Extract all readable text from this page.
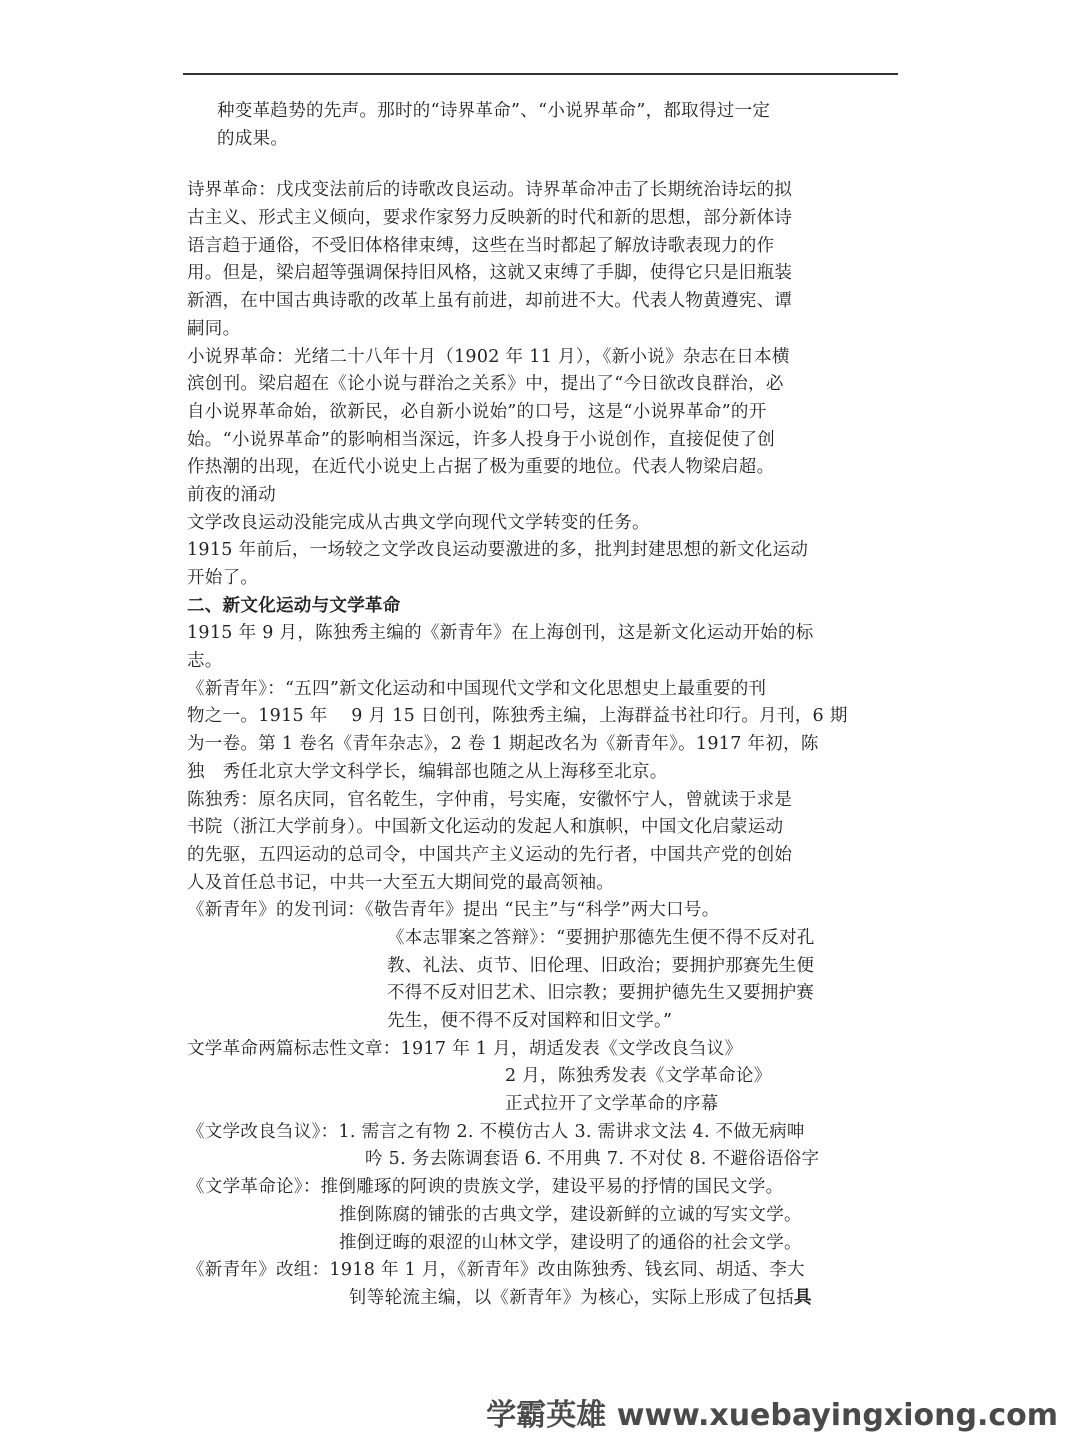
种变革趋势的先声。那时的“诗界革命”、“小说界革命”，都取得过一定
的成果。
诗界革命：戊戌变法前后的诗歌改良运动。诗界革命冲击了长期统治诗坛的拟
古主义、形式主义倾向，要求作家努力反映新的时代和新的思想，部分新体诗
语言趋于通俗，不受旧体格律束缚，这些在当时都起了解放诗歌表现力的作
用。但是，梁启超等强调保持旧风格，这就又束缚了手脚，使得它只是旧瓶装
新酒，在中国古典诗歌的改革上虽有前进，却前进不大。代表人物黄遵宪、谭
嗣同。
小说界革命：光绪二十八年十月（1902 年 11 月），《新小说》杂志在日本横
滨创刊。梁启超在《论小说与群治之关系》中，提出了“今日欲改良群治，必
自小说界革命始，欲新民，必自新小说始”的口号，这是“小说界革命”的开
始。“小说界革命”的影响相当深远，许多人投身于小说创作，直接促使了创
作热潮的出现，在近代小说史上占据了极为重要的地位。代表人物梁启超。
前夜的涌动
文学改良运动没能完成从古典文学向现代文学转变的任务。
1915 年前后，一场较之文学改良运动要激进的多，批判封建思想的新文化运动
开始了。
二、新文化运动与文学革命
1915 年 9 月，陈独秀主编的《新青年》在上海创刊，这是新文化运动开始的标
志。
《新青年》：“五四”新文化运动和中国现代文学和文化思想史上最重要的刊
物之一。1915 年　 9 月 15 日创刊，陈独秀主编，上海群益书社印行。月刊，6 期
为一卷。第 1 卷名《青年杂志》，2 卷 1 期起改名为《新青年》。1917 年初，陈
独　秀任北京大学文科学长，编辑部也随之从上海移至北京。
陈独秀：原名庆同，官名乾生，字仲甫，号实庵，安徽怀宁人，曾就读于求是
书院（浙江大学前身）。中国新文化运动的发起人和旗帜，中国文化启蒙运动
的先驱，五四运动的总司令，中国共产主义运动的先行者，中国共产党的创始
人及首任总书记，中共一大至五大期间党的最高领袖。
《新青年》的发刊词：《敬告青年》提出 “民主”与“科学”两大口号。
《本志罪案之答辩》：“要拥护那德先生便不得不反对孔
教、礼法、贞节、旧伦理、旧政治；要拥护那赛先生便
不得不反对旧艺术、旧宗教；要拥护德先生又要拥护赛
先生，便不得不反对国粹和旧文学。”
文学革命两篇标志性文章：1917 年 1 月，胡适发表《文学改良刍议》
2 月，陈独秀发表《文学革命论》
正式拉开了文学革命的序幕
《文学改良刍议》：1. 需言之有物 2. 不模仿古人 3. 需讲求文法 4. 不做无病呻
吟 5. 务去陈调套语 6. 不用典 7. 不对仗 8. 不避俗语俗字
《文学革命论》：推倒雕琢的阿谀的贵族文学，建设平易的抒情的国民文学。
推倒陈腐的铺张的古典文学，建设新鲜的立诚的写实文学。
推倒迂晦的艰涩的山林文学，建设明了的通俗的社会文学。
《新青年》改组：1918 年 1 月，《新青年》改由陈独秀、钱玄同、胡适、李大
钊等轮流主编，以《新青年》为核心，实际上形成了包括具
学霸英雄 www.xuebayingxiong.com
